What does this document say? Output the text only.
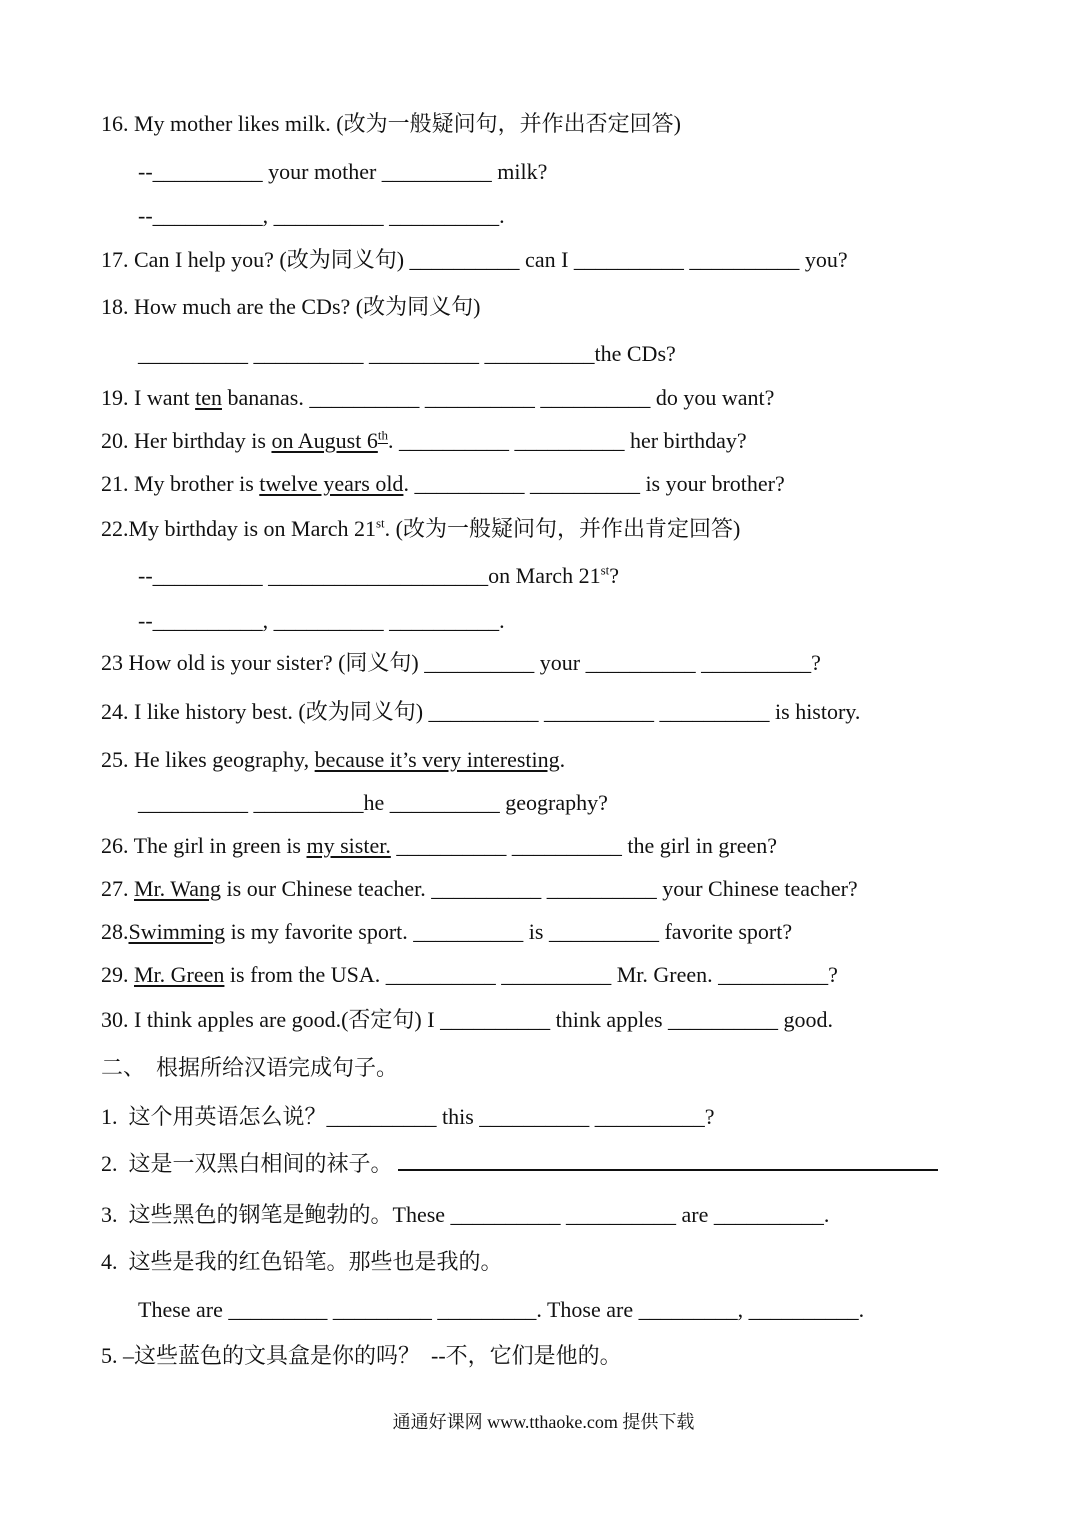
16. My mother likes milk. (改为一般疑问句，并作出否定回答)
--__________ your mother __________ milk?
--__________, __________ __________.
17. Can I help you? (改为同义句) __________ can I __________ __________ you?
18. How much are the CDs? (改为同义句)
__________ __________ __________ __________the CDs?
19. I want ten bananas. __________ __________ __________ do you want?
20. Her birthday is on August 6th. __________ __________ her birthday?
21. My brother is twelve years old. __________ __________ is your brother?
22.My birthday is on March 21st. (改为一般疑问句，并作出肯定回答)
--__________ ____________________on March 21st?
--__________, __________ __________.
23 How old is your sister? (同义句) __________ your __________ __________?
24. I like history best. (改为同义句) __________ __________ __________ is history.
25. He likes geography, because it’s very interesting.
__________ __________he __________ geography?
26. The girl in green is my sister. __________ __________ the girl in green?
27. Mr. Wang is our Chinese teacher. __________ __________ your Chinese teacher?
28.Swimming is my favorite sport. __________ is __________ favorite sport?
29. Mr. Green is from the USA. __________ __________ Mr. Green. __________?
30. I think apples are good.(否定句) I __________ think apples __________ good.
二、  根据所给汉语完成句子。
1.  这个用英语怎么说？__________ this __________ __________?
2.  这是一双黑白相间的袜子。
3.  这些黑色的钢笔是鲍勃的。These __________ __________ are __________.
4.  这些是我的红色铅笔。那些也是我的。
These are _________ _________ _________. Those are _________, __________.
5. –这些蓝色的文具盒是你的吗？  --不，它们是他的。
通通好课网 www.tthaoke.com 提供下载
